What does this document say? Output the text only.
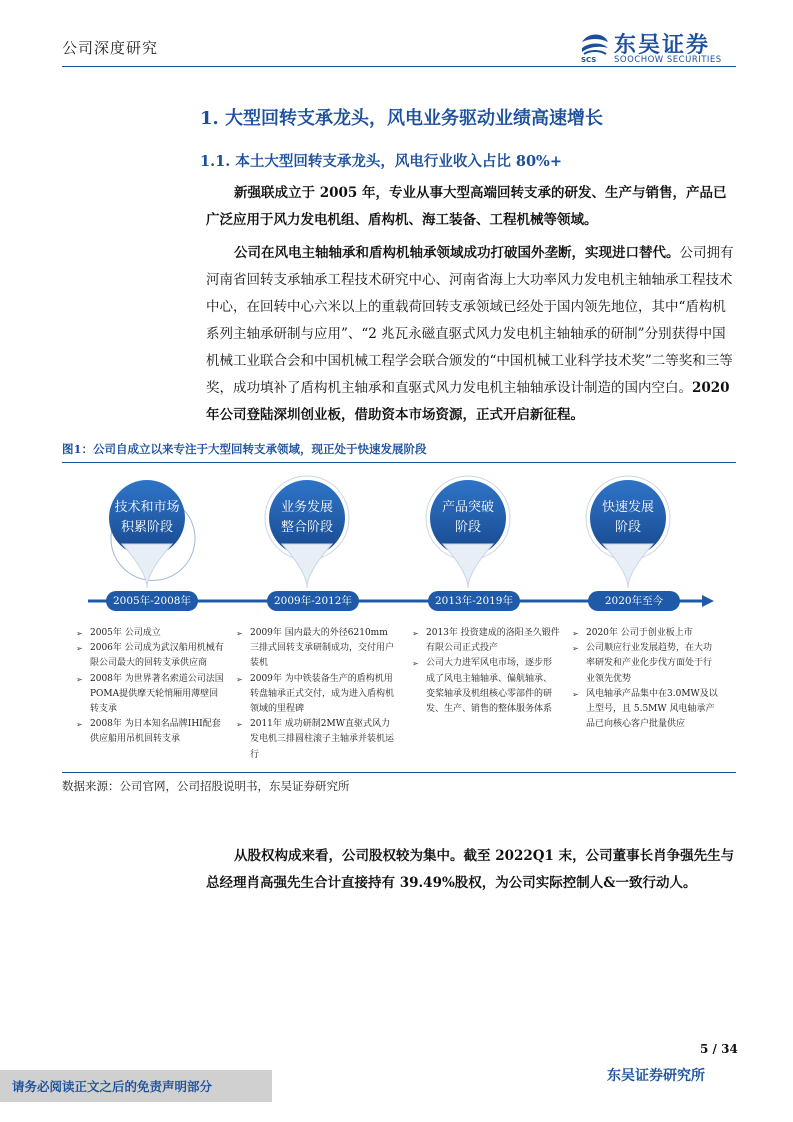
公司深度研究
SCS
东吴证券
SOOCHOW SECURITIES
1. 大型回转支承龙头，风电业务驱动业绩高速增长
1.1. 本土大型回转支承龙头，风电行业收入占比 80%+
新强联成立于 2005 年，专业从事大型高端回转支承的研发、生产与销售，产品已广泛应用于风力发电机组、盾构机、海工装备、工程机械等领域。
公司在风电主轴轴承和盾构机轴承领域成功打破国外垄断，实现进口替代。公司拥有河南省回转支承轴承工程技术研究中心、河南省海上大功率风力发电机主轴轴承工程技术中心，在回转中心六米以上的重载荷回转支承领域已经处于国内领先地位，其中“盾构机系列主轴承研制与应用”、“2 兆瓦永磁直驱式风力发电机主轴轴承的研制”分别获得中国机械工业联合会和中国机械工程学会联合颁发的“中国机械工业科学技术奖”二等奖和三等奖，成功填补了盾构机主轴承和直驱式风力发电机主轴轴承设计制造的国内空白。2020 年公司登陆深圳创业板，借助资本市场资源，正式开启新征程。
图1：公司自成立以来专注于大型回转支承领域，现正处于快速发展阶段
技术和市场
积累阶段
业务发展
整合阶段
产品突破
阶段
快速发展
阶段
2005年-2008年	2009年-2012年	2013年-2019年	2020年至今
➢ 2005年 公司成立
➢ 2006年 公司成为武汉船用机械有限公司最大的回转支承供应商
➢ 2008年 为世界著名索道公司法国POMA提供摩天轮悄厢用薄壁回转支承
➢ 2008年 为日本知名品牌IHI配套供应船用吊机回转支承
➢ 2009年 国内最大的外径6210mm三排式回转支承研制成功，交付用户装机
➢ 2009年 为中铁装备生产的盾构机用转盘轴承正式交付，成为进入盾构机领域的里程碑
➢ 2011年 成功研制2MW直驱式风力发电机三排圆柱滚子主轴承并装机运行
➢ 2013年 投资建成的洛阳圣久锻件有限公司正式投产
➢ 公司大力进军风电市场，逐步形成了风电主轴轴承、偏航轴承、变桨轴承及机组核心零部件的研发、生产、销售的整体服务体系
➢ 2020年 公司于创业板上市
➢ 公司顺应行业发展趋势，在大功率研发和产业化步伐方面处于行业领先优势
➢ 风电轴承产品集中在3.0MW及以上型号，且 5.5MW 风电轴承产品已向核心客户批量供应
数据来源：公司官网，公司招股说明书，东吴证券研究所
从股权构成来看，公司股权较为集中。截至 2022Q1 末，公司董事长肖争强先生与总经理肖高强先生合计直接持有 39.49%股权，为公司实际控制人&一致行动人。
5 / 34
请务必阅读正文之后的免责声明部分
东吴证券研究所
